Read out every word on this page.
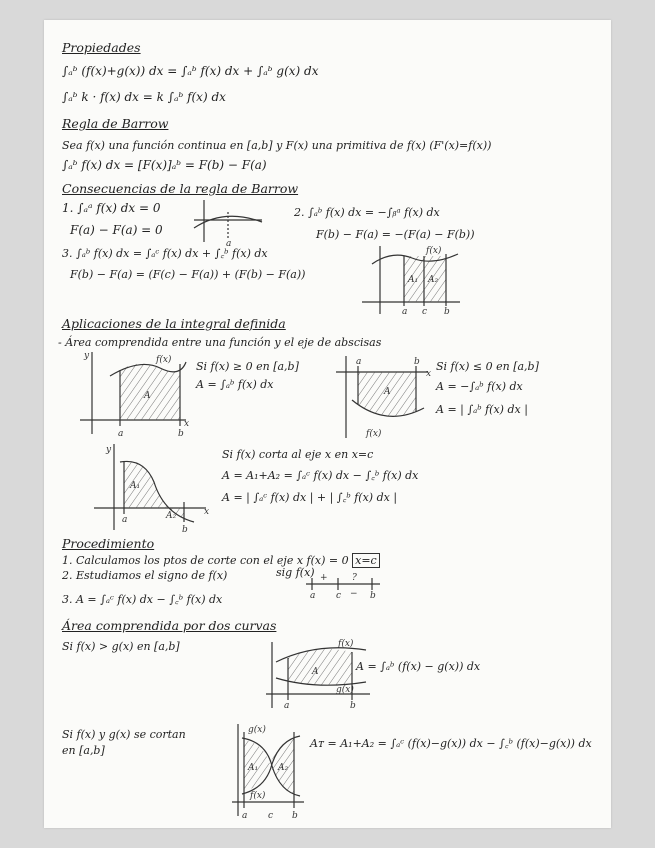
Propiedades
∫ₐᵇ (f(x)+g(x)) dx = ∫ₐᵇ f(x) dx + ∫ₐᵇ g(x) dx
∫ₐᵇ k · f(x) dx = k ∫ₐᵇ f(x) dx
Regla de Barrow
Sea f(x) una función continua en [a,b] y F(x) una primitiva de f(x) (F'(x)=f(x))
∫ₐᵇ f(x) dx = [F(x)]ₐᵇ = F(b) − F(a)
Consecuencias de la regla de Barrow
1. ∫ₐᵃ f(x) dx = 0
F(a) − F(a) = 0
a
2. ∫ₐᵇ f(x) dx = −∫ᵦᵃ f(x) dx
F(b) − F(a) = −(F(a) − F(b))
3. ∫ₐᵇ f(x) dx = ∫ₐᶜ f(x) dx + ∫꜀ᵇ f(x) dx
F(b) − F(a) = (F(c) − F(a)) + (F(b) − F(a))
f(x)
A₁ A₂
a c b
Aplicaciones de la integral definida
- Área comprendida entre una función y el eje de abscisas
y
x
f(x)
A
a	b
Si f(x) ≥ 0 en [a,b]
A = ∫ₐᵇ f(x) dx
x
a	b
A
f(x)
Si f(x) ≤ 0 en [a,b]
A = −∫ₐᵇ f(x) dx
A = | ∫ₐᵇ f(x) dx |
y
x
A₁
A₂
a
b
Si f(x) corta al eje x en x=c
A = A₁+A₂ = ∫ₐᶜ f(x) dx − ∫꜀ᵇ f(x) dx
A = | ∫ₐᶜ f(x) dx | + | ∫꜀ᵇ f(x) dx |
Procedimiento
1. Calculamos los ptos de corte con el eje x f(x) = 0 x=c
2. Estudiamos el signo de f(x)	sig f(x) +	?
−
a c	b
3. A = ∫ₐᶜ f(x) dx − ∫꜀ᵇ f(x) dx
Área comprendida por dos curvas
Si f(x) > g(x) en [a,b]	f(x)
A
g(x)
a	b
A = ∫ₐᵇ (f(x) − g(x)) dx
Si f(x) y g(x) se cortan
en [a,b]
g(x)
A₁ A₂
f(x)
a c b
Aᴛ = A₁+A₂ = ∫ₐᶜ (f(x)−g(x)) dx − ∫꜀ᵇ (f(x)−g(x)) dx
